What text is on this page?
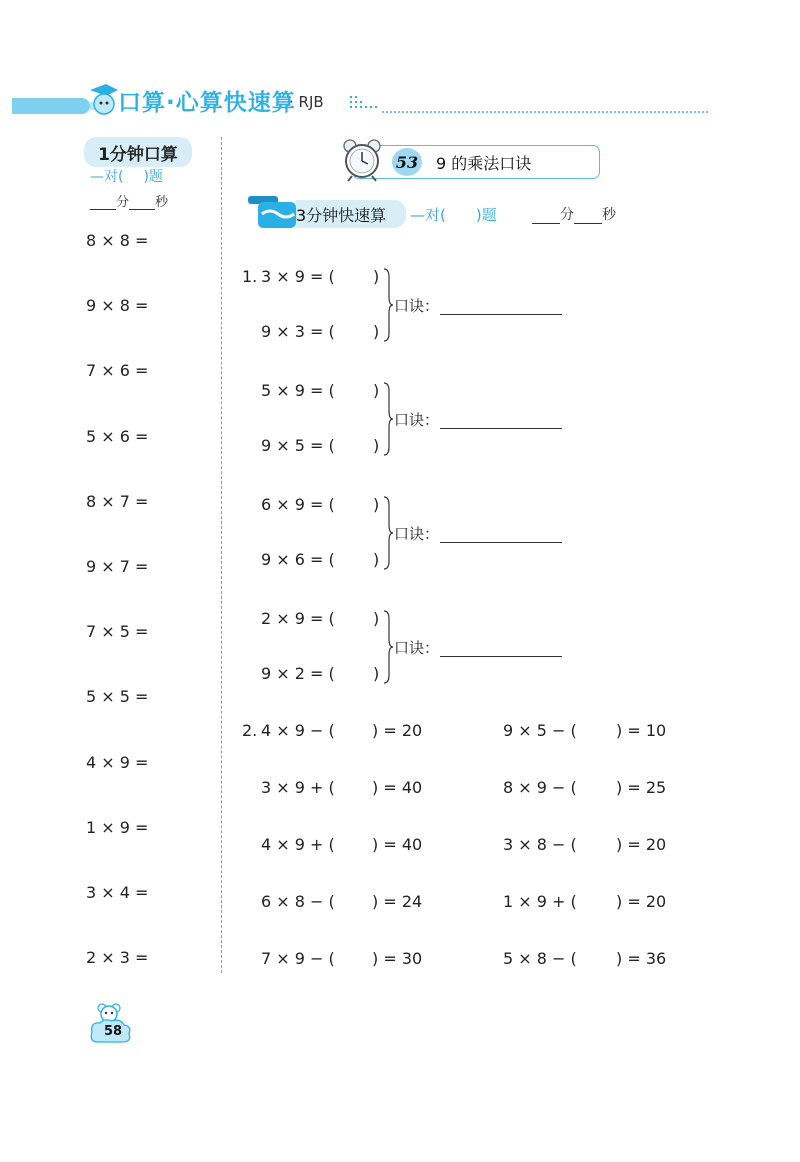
口算·心算快速算
· RJB
1分钟口算
—对( )题
分 秒
8 × 8 =
9 × 8 =
7 × 6 =
5 × 6 =
8 × 7 =
9 × 7 =
7 × 5 =
5 × 5 =
4 × 9 =
1 × 9 =
3 × 4 =
2 × 3 =
53 9 的乘法口诀
3分钟快速算 —对( )题	分 秒
1. 3 × 9 = ( )
9 × 3 = ( )
口诀：
5 × 9 = ( )
9 × 5 = ( )
口诀：
6 × 9 = ( )
9 × 6 = ( )
口诀：
2 × 9 = ( )
9 × 2 = ( )
口诀：
2. 4 × 9 − ( ) = 20	9 × 5 − ( ) = 10
3 × 9 + ( ) = 40	8 × 9 − ( ) = 25
4 × 9 + ( ) = 40	3 × 8 − ( ) = 20
6 × 8 − ( ) = 24	1 × 9 + ( ) = 20
7 × 9 − ( ) = 30	5 × 8 − ( ) = 36
58
